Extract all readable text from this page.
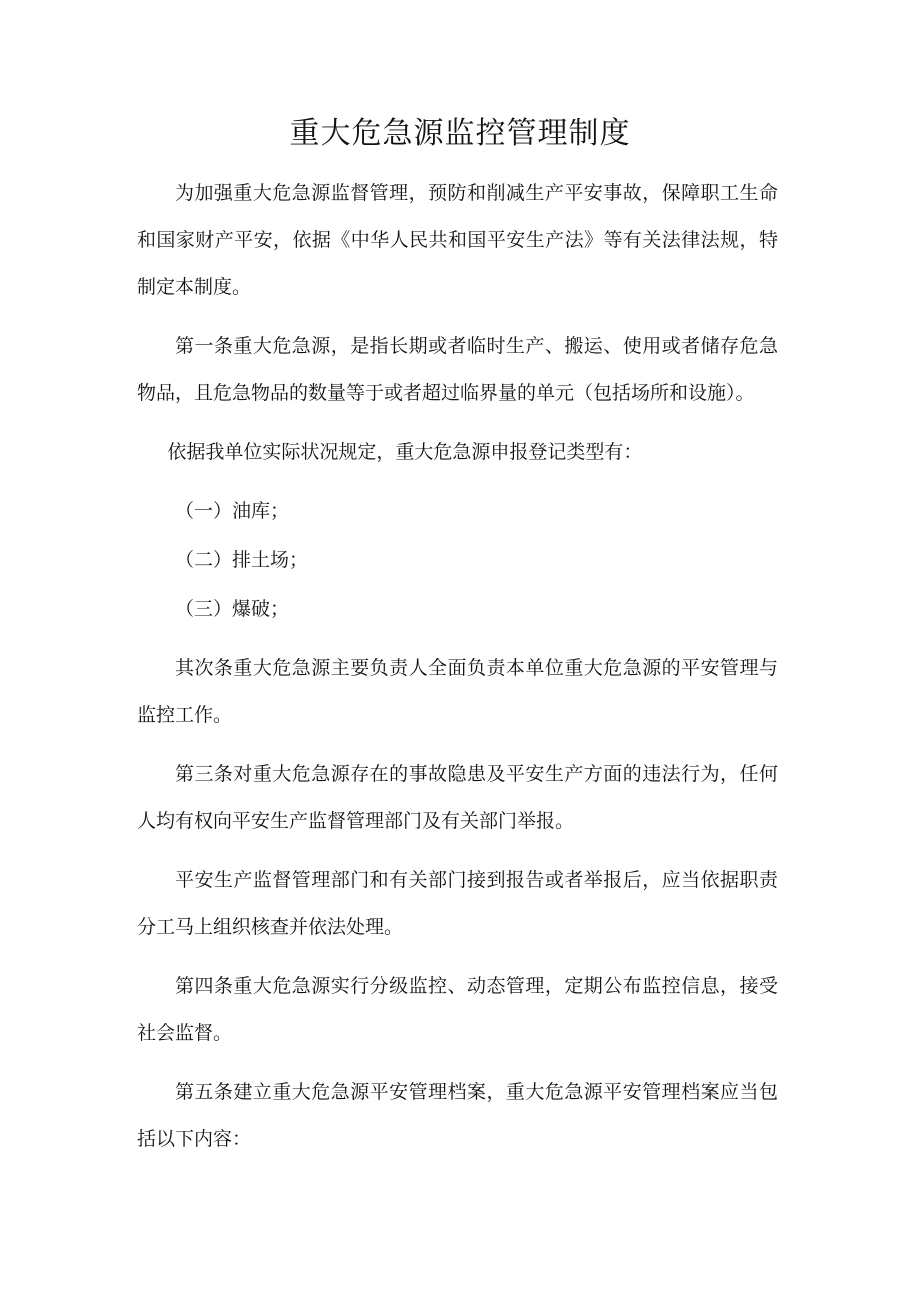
重大危急源监控管理制度

为加强重大危急源监督管理，预防和削减生产平安事故，保障职工生命和国家财产平安，依据《中华人民共和国平安生产法》等有关法律法规，特制定本制度。

第一条重大危急源，是指长期或者临时生产、搬运、使用或者储存危急物品，且危急物品的数量等于或者超过临界量的单元（包括场所和设施）。

依据我单位实际状况规定，重大危急源申报登记类型有：

（一）油库；

（二）排土场；

（三）爆破；

其次条重大危急源主要负责人全面负责本单位重大危急源的平安管理与监控工作。

第三条对重大危急源存在的事故隐患及平安生产方面的违法行为，任何人均有权向平安生产监督管理部门及有关部门举报。

平安生产监督管理部门和有关部门接到报告或者举报后，应当依据职责分工马上组织核查并依法处理。

第四条重大危急源实行分级监控、动态管理，定期公布监控信息，接受社会监督。

第五条建立重大危急源平安管理档案，重大危急源平安管理档案应当包括以下内容：
